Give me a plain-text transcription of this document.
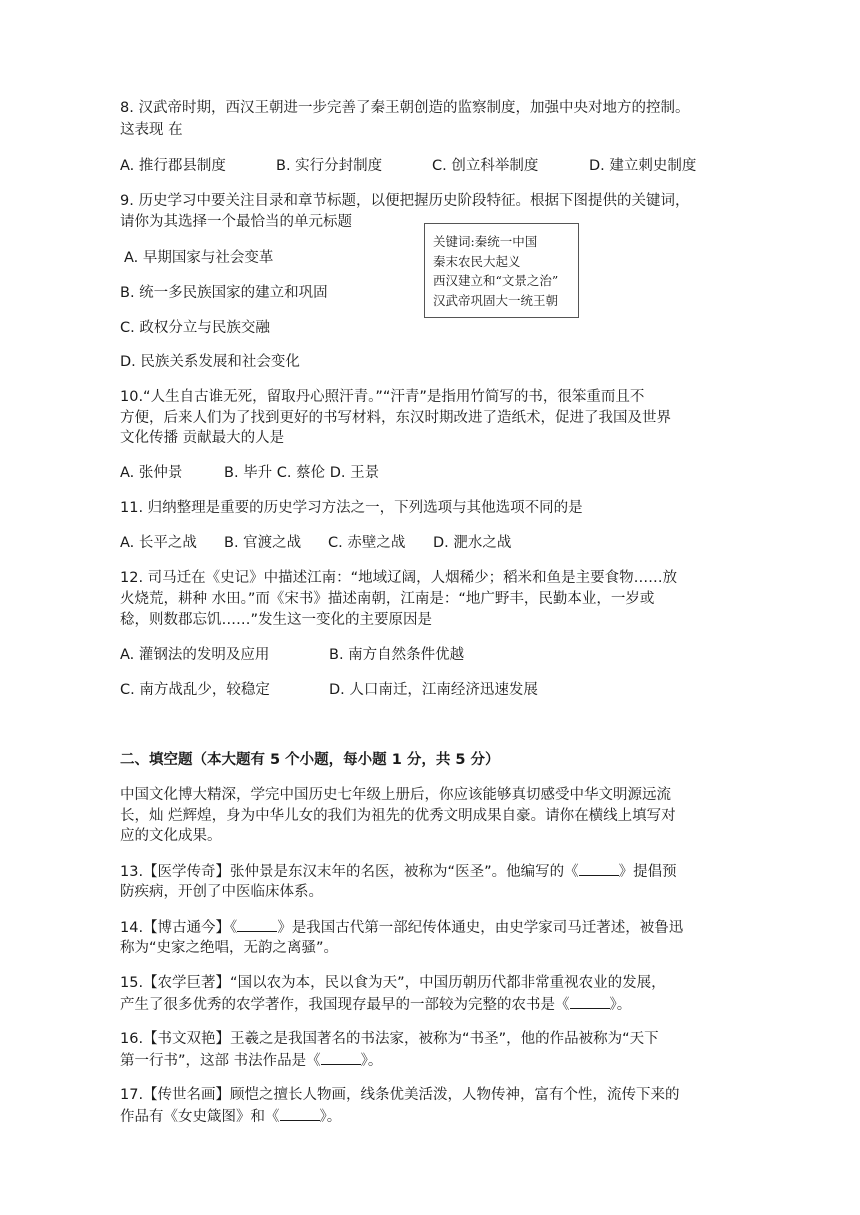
8. 汉武帝时期，西汉王朝进一步完善了秦王朝创造的监察制度，加强中央对地方的控制。
这表现 在
A. 推行郡县制度	B. 实行分封制度	C. 创立科举制度	D. 建立刺史制度
9. 历史学习中要关注目录和章节标题，以便把握历史阶段特征。根据下图提供的关键词，
请你为其选择一个最恰当的单元标题
A. 早期国家与社会变革
B. 统一多民族国家的建立和巩固
C. 政权分立与民族交融
D. 民族关系发展和社会变化
关键词:秦统一中国
秦末农民大起义
西汉建立和“文景之治”
汉武帝巩固大一统王朝
10.“人生自古谁无死，留取丹心照汗青。”“汗青”是指用竹简写的书，很笨重而且不
方便，后来人们为了找到更好的书写材料，东汉时期改进了造纸术，促进了我国及世界
文化传播 贡献最大的人是
A. 张仲景	B. 毕升 C. 蔡伦 D. 王景
11. 归纳整理是重要的历史学习方法之一，下列选项与其他选项不同的是
A. 长平之战 B. 官渡之战 C. 赤壁之战 D. 淝水之战
12. 司马迁在《史记》中描述江南：“地域辽阔，人烟稀少；稻米和鱼是主要食物……放
火烧荒，耕种 水田。”而《宋书》描述南朝，江南是：“地广野丰，民勤本业，一岁或
稔，则数郡忘饥……”发生这一变化的主要原因是
A. 灌钢法的发明及应用	B. 南方自然条件优越
C. 南方战乱少，较稳定	D. 人口南迁，江南经济迅速发展
二、填空题（本大题有 5 个小题，每小题 1 分，共 5 分）
中国文化博大精深，学完中国历史七年级上册后，你应该能够真切感受中华文明源远流
长，灿 烂辉煌，身为中华儿女的我们为祖先的优秀文明成果自豪。请你在横线上填写对
应的文化成果。
13.【医学传奇】张仲景是东汉末年的名医，被称为“医圣”。他编写的《	》提倡预
防疾病，开创了中医临床体系。
14.【博古通今】《	》是我国古代第一部纪传体通史，由史学家司马迁著述，被鲁迅
称为“史家之绝唱，无韵之离骚”。
15.【农学巨著】“国以农为本，民以食为天”，中国历朝历代都非常重视农业的发展，
产生了很多优秀的农学著作，我国现存最早的一部较为完整的农书是《	》。
16.【书文双艳】王羲之是我国著名的书法家，被称为“书圣”，他的作品被称为“天下
第一行书”，这部 书法作品是《	》。
17.【传世名画】顾恺之擅长人物画，线条优美活泼，人物传神，富有个性，流传下来的
作品有《女史箴图》和《	》。
